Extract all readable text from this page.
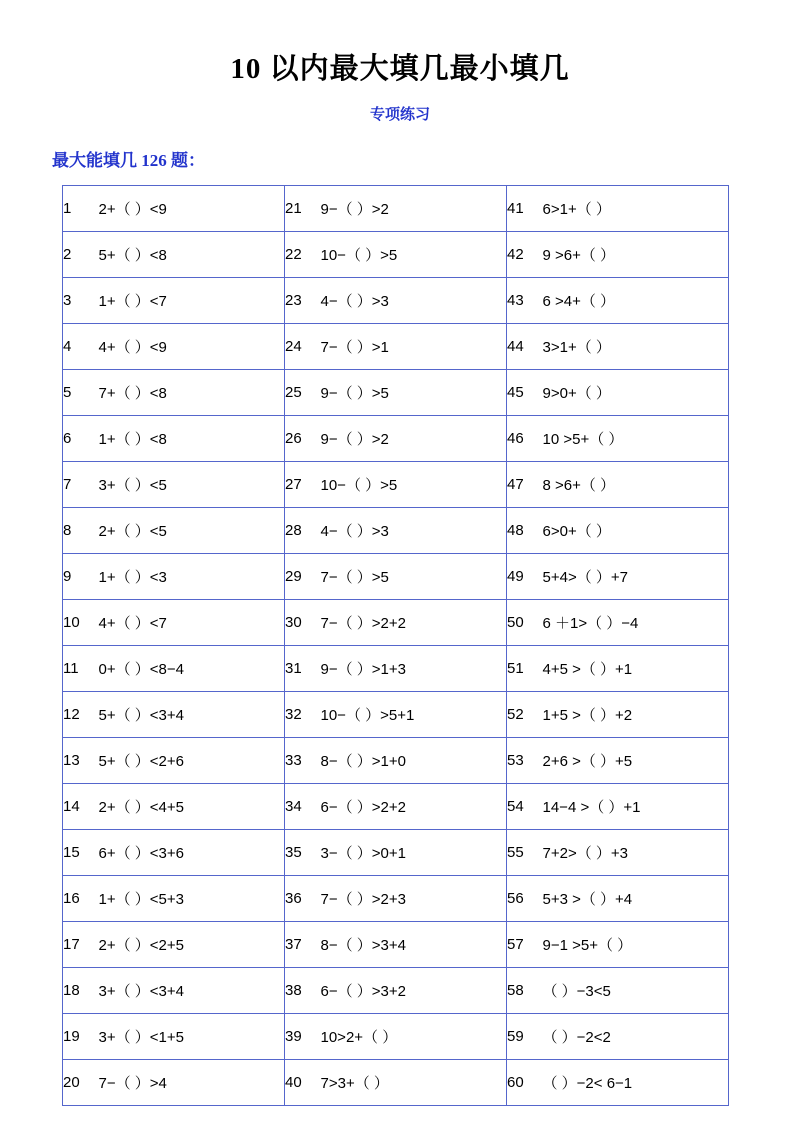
10 以内最大填几最小填几
专项练习
最大能填几 126 题：
1	2+（ ）<9	21	9−（ ）>2	41	6>1+（ ）
2	5+（ ）<8	22	10−（ ）>5	42	9 >6+（ ）
3	1+（ ）<7	23	4−（ ）>3	43	6 >4+（ ）
4	4+（ ）<9	24	7−（ ）>1	44	3>1+（ ）
5	7+（ ）<8	25	9−（ ）>5	45	9>0+（ ）
6	1+（ ）<8	26	9−（ ）>2	46	10 >5+（ ）
7	3+（ ）<5	27	10−（ ）>5	47	8 >6+（ ）
8	2+（ ）<5	28	4−（ ）>3	48	6>0+（ ）
9	1+（ ）<3	29	7−（ ）>5	49	5+4>（ ）+7
10	4+（ ）<7	30	7−（ ）>2+2	50	6 ＋1>（ ）−4
11	0+（ ）<8−4	31	9−（ ）>1+3	51	4+5 >（ ）+1
12	5+（ ）<3+4	32	10−（ ）>5+1	52	1+5 >（ ）+2
13	5+（ ）<2+6	33	8−（ ）>1+0	53	2+6 >（ ）+5
14	2+（ ）<4+5	34	6−（ ）>2+2	54	14−4 >（ ）+1
15	6+（ ）<3+6	35	3−（ ）>0+1	55	7+2>（ ）+3
16	1+（ ）<5+3	36	7−（ ）>2+3	56	5+3 >（ ）+4
17	2+（ ）<2+5	37	8−（ ）>3+4	57	9−1 >5+（ ）
18	3+（ ）<3+4	38	6−（ ）>3+2	58	（ ）−3<5
19	3+（ ）<1+5	39	10>2+（ ）	59	（ ）−2<2
20	7−（ ）>4	40	7>3+（ ）	60	（ ）−2< 6−1
